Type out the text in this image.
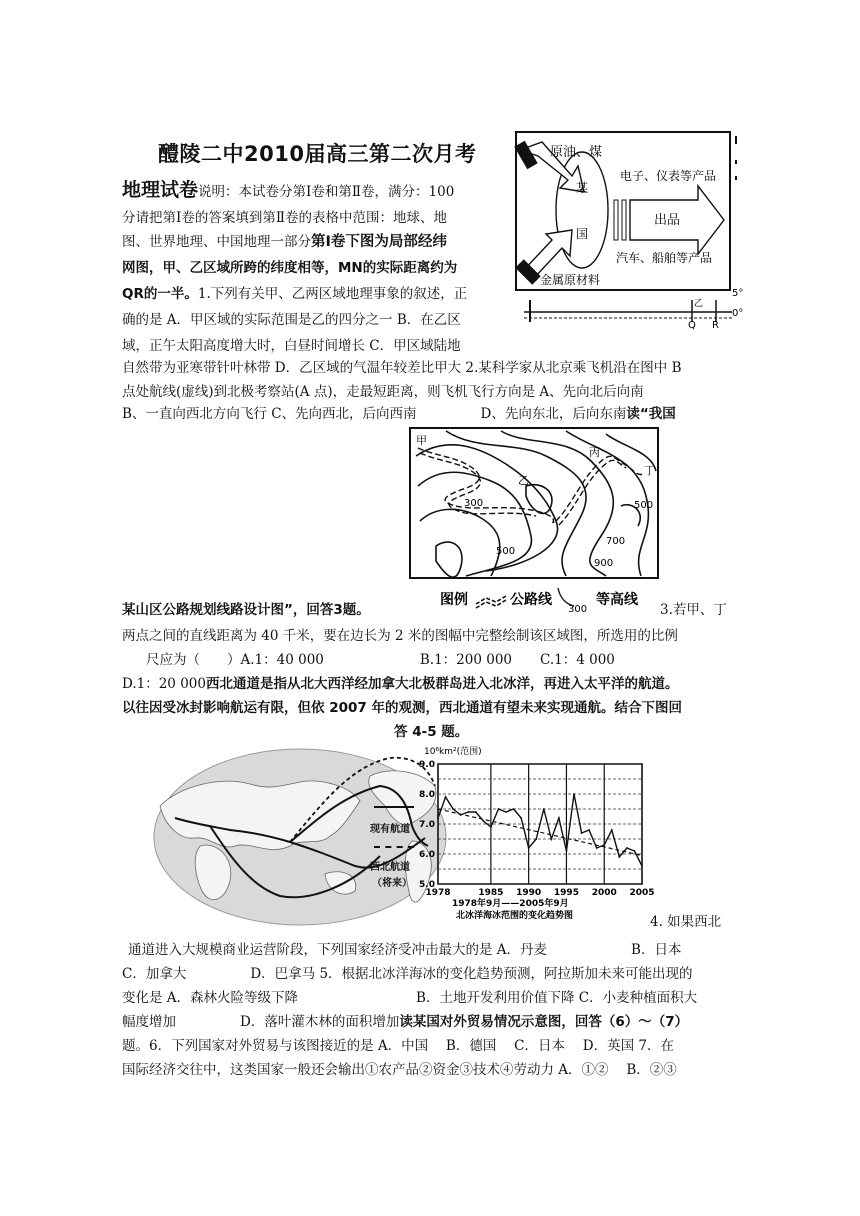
醴陵二中2010届高三第二次月考
地理试卷说明：本试卷分第Ⅰ卷和第Ⅱ卷，满分：100
分请把第Ⅰ卷的答案填到第Ⅱ卷的表格中范围：地球、地
图、世界地理、中国地理一部分第Ⅰ卷下图为局部经纬
网图，甲、乙区域所跨的纬度相等，MN的实际距离约为
QR的一半。1.下列有关甲、乙两区域地理事象的叙述，正
确的是 A．甲区域的实际范围是乙的四分之一 B．在乙区
域，正午太阳高度增大时，白昼时间增长 C．甲区域陆地
自然带为亚寒带针叶林带 D．乙区域的气温年较差比甲大 2.某科学家从北京乘飞机沿在图中 B
点处航线(虚线)到北极考察站(A 点)，走最短距离，则飞机飞行方向是 A、先向北后向南
B、一直向西北方向飞行 C、先向西北，后向西南	D、先向东北，后向东南读“我国
甲
乙
丙
丁
300
500
500
700
900
图例	公路线
300
等高线
某山区公路规划线路设计图”，回答3题。	3.若甲、丁
两点之间的直线距离为 40 千米，要在边长为 2 米的图幅中完整绘制该区域图，所选用的比例
尺应为（　　）A.1：40 000	B.1：200 000 C.1：4 000
D.1：20 000西北通道是指从北大西洋经加拿大北极群岛进入北冰洋，再进入太平洋的航道。
以往因受冰封影响航运有限，但依 2007 年的观测，西北通道有望未来实现通航。结合下图回
答 4-5 题。
原油、煤
金属原材料
某
国
电子、仪表等产品
汽车、船舶等产品
出品
乙
Q R
5°
0°
现有航道
西北航道
（将来）
10⁶km²(范围)
9.0
8.0
7.0
6.0
5.0
1978	1985 1990 1995 2000 2005
1978年9月——2005年9月
北冰洋海冰范围的变化趋势图	4. 如果西北
通道进入大规模商业运营阶段，下列国家经济受冲击最大的是 A．丹麦	B．日本
C．加拿大	D．巴拿马 5．根据北冰洋海冰的变化趋势预测，阿拉斯加未来可能出现的
变化是 A．森林火险等级下降	B．土地开发利用价值下降 C．小麦种植面积大
幅度增加	D．落叶灌木林的面积增加读某国对外贸易情况示意图，回答（6）～（7）
题。6．下列国家对外贸易与该图接近的是 A．中国　 B．德国　 C．日本　 D．英国 7．在
国际经济交往中，这类国家一般还会输出①农产品②资金③技术④劳动力 A．①②　 B．②③
